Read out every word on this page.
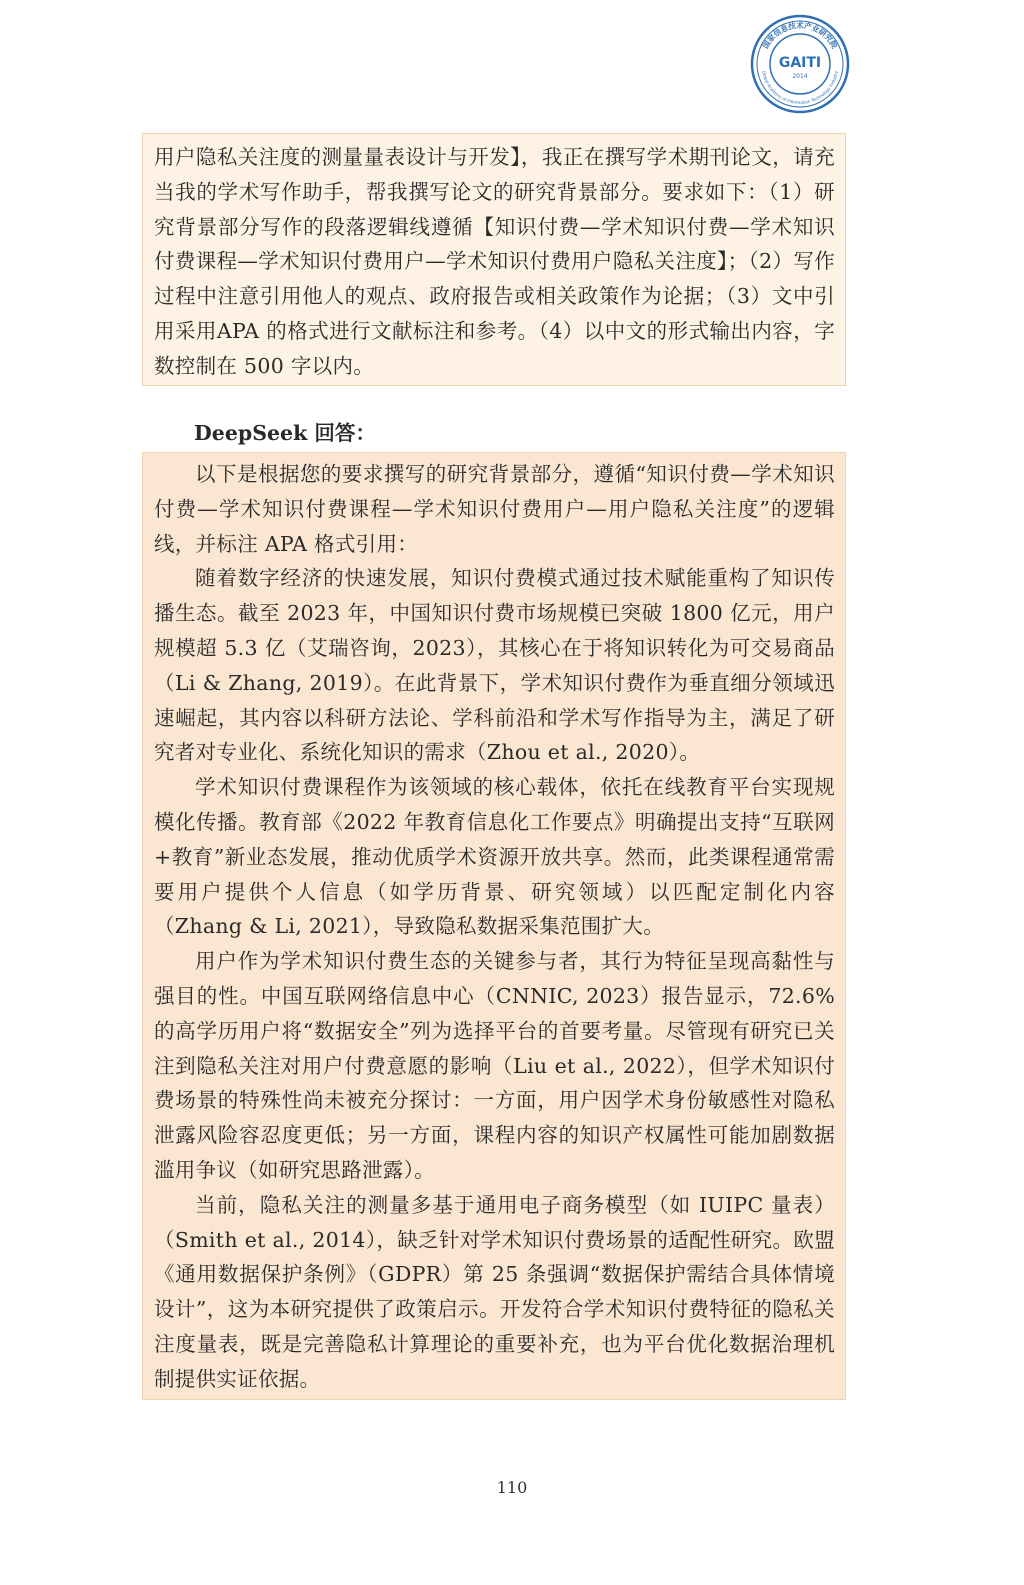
国家信息技术产业研究院
Global Academy of Information Technology Industry
GAITI
2014

用户隐私关注度的测量量表设计与开发】，我正在撰写学术期刊论文，请充当我的学术写作助手，帮我撰写论文的研究背景部分。要求如下：（1）研究背景部分写作的段落逻辑线遵循【知识付费—学术知识付费—学术知识付费课程—学术知识付费用户—学术知识付费用户隐私关注度】；（2）写作过程中注意引用他人的观点、政府报告或相关政策作为论据；（3）文中引用采用APA 的格式进行文献标注和参考。（4）以中文的形式输出内容，字数控制在 500 字以内。

DeepSeek 回答：

以下是根据您的要求撰写的研究背景部分，遵循“知识付费—学术知识付费—学术知识付费课程—学术知识付费用户—用户隐私关注度”的逻辑线，并标注 APA 格式引用：

随着数字经济的快速发展，知识付费模式通过技术赋能重构了知识传播生态。截至 2023 年，中国知识付费市场规模已突破 1800 亿元，用户规模超 5.3 亿（艾瑞咨询，2023），其核心在于将知识转化为可交易商品（Li & Zhang, 2019）。在此背景下，学术知识付费作为垂直细分领域迅速崛起，其内容以科研方法论、学科前沿和学术写作指导为主，满足了研究者对专业化、系统化知识的需求（Zhou et al., 2020）。

学术知识付费课程作为该领域的核心载体，依托在线教育平台实现规模化传播。教育部《2022 年教育信息化工作要点》明确提出支持“互联网+教育”新业态发展，推动优质学术资源开放共享。然而，此类课程通常需要用户提供个人信息（如学历背景、研究领域）以匹配定制化内容（Zhang & Li, 2021），导致隐私数据采集范围扩大。

用户作为学术知识付费生态的关键参与者，其行为特征呈现高黏性与强目的性。中国互联网络信息中心（CNNIC, 2023）报告显示，72.6%的高学历用户将“数据安全”列为选择平台的首要考量。尽管现有研究已关注到隐私关注对用户付费意愿的影响（Liu et al., 2022），但学术知识付费场景的特殊性尚未被充分探讨：一方面，用户因学术身份敏感性对隐私泄露风险容忍度更低；另一方面，课程内容的知识产权属性可能加剧数据滥用争议（如研究思路泄露）。

当前，隐私关注的测量多基于通用电子商务模型（如 IUIPC 量表）（Smith et al., 2014），缺乏针对学术知识付费场景的适配性研究。欧盟《通用数据保护条例》（GDPR）第 25 条强调“数据保护需结合具体情境设计”，这为本研究提供了政策启示。开发符合学术知识付费特征的隐私关注度量表，既是完善隐私计算理论的重要补充，也为平台优化数据治理机制提供实证依据。

110
